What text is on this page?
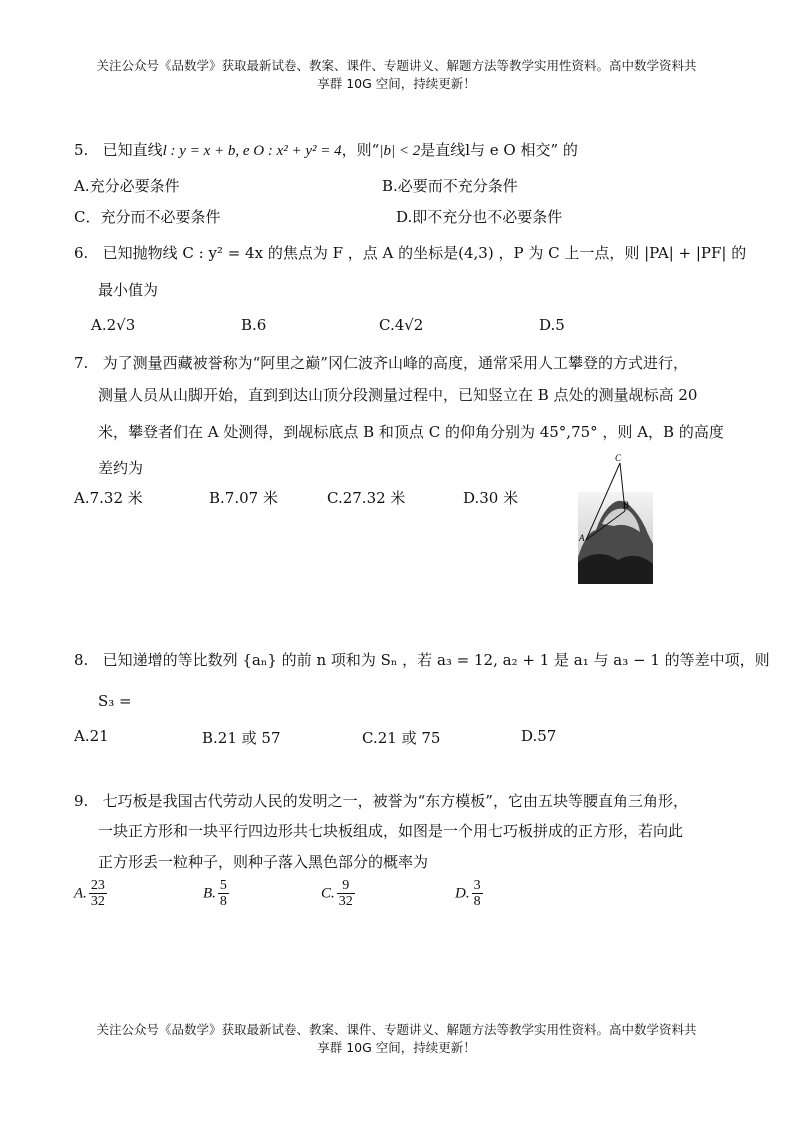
关注公众号《品数学》获取最新试卷、教案、课件、专题讲义、解题方法等教学实用性资料。高中数学资料共
享群 10G 空间，持续更新！
5. 已知直线l : y = x + b, e O : x² + y² = 4，则“|b| < 2是直线l与 e O 相交” 的
A.充分必要条件	B.必要而不充分条件
C．充分而不必要条件	D.即不充分也不必要条件
6. 已知抛物线 C : y² = 4x 的焦点为 F ，点 A 的坐标是(4,3) ，P 为 C 上一点，则 |PA| + |PF| 的
最小值为
A.2√3	B.6	C.4√2	D.5
7. 为了测量西藏被誉称为“阿里之巅”冈仁波齐山峰的高度，通常采用人工攀登的方式进行，
测量人员从山脚开始，直到到达山顶分段测量过程中，已知竖立在 B 点处的测量觇标高 20
米，攀登者们在 A 处测得，到觇标底点 B 和顶点 C 的仰角分别为 45°,75° ，则 A，B 的高度
差约为
A.7.32 米	B.7.07 米	C.27.32 米	D.30 米
C
B
A
8. 已知递增的等比数列 {aₙ} 的前 n 项和为 Sₙ ，若 a₃ = 12, a₂ + 1 是 a₁ 与 a₃ − 1 的等差中项，则
S₃ =
A.21	B.21 或 57	C.21 或 75	D.57
9. 七巧板是我国古代劳动人民的发明之一，被誉为“东方模板”，它由五块等腰直角三角形，
一块正方形和一块平行四边形共七块板组成，如图是一个用七巧板拼成的正方形，若向此
正方形丢一粒种子，则种子落入黑色部分的概率为
A. $\frac{23}{32}$	B. $\frac{5}{8}$	C. $\frac{9}{32}$	D. $\frac{3}{8}$
关注公众号《品数学》获取最新试卷、教案、课件、专题讲义、解题方法等教学实用性资料。高中数学资料共
享群 10G 空间，持续更新！
